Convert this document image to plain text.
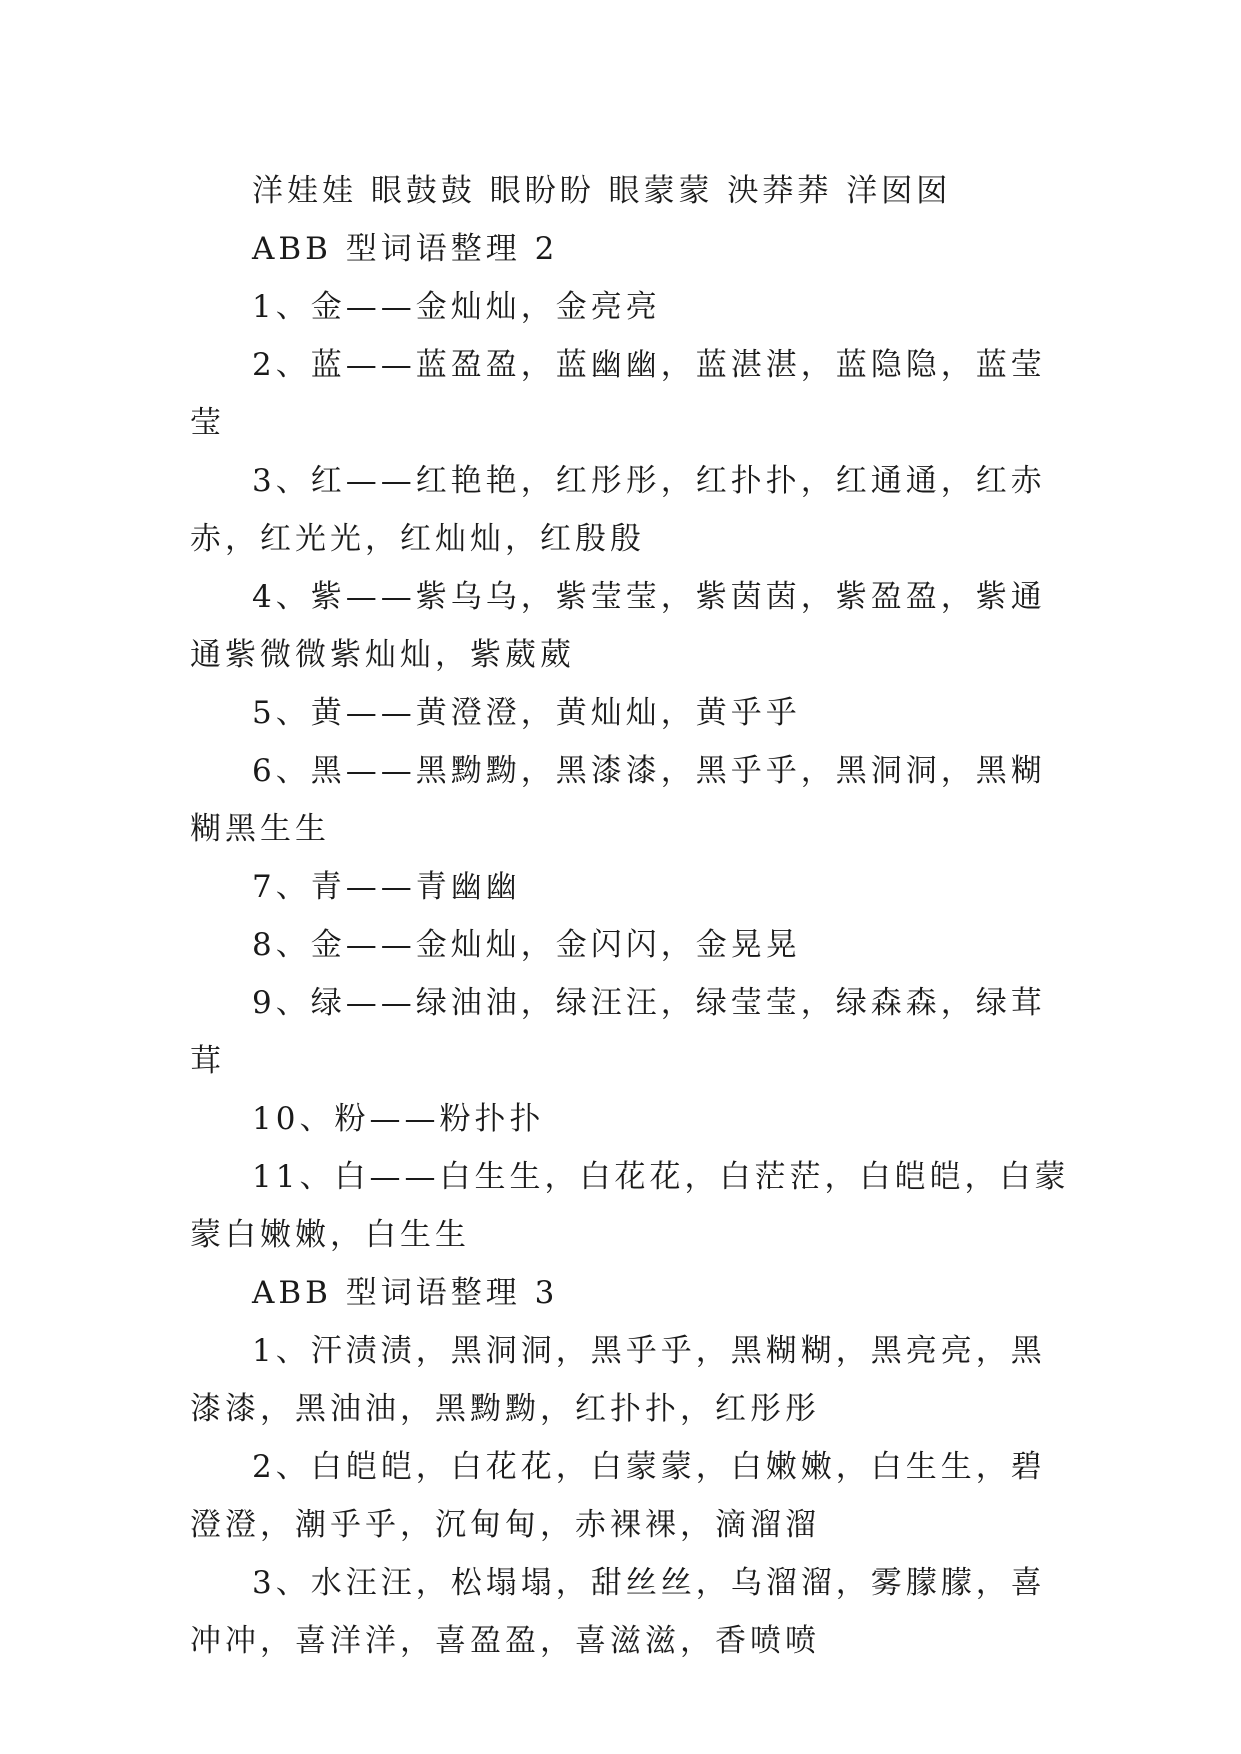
洋娃娃 眼鼓鼓 眼盼盼 眼蒙蒙 泱莽莽 洋囡囡

ABB 型词语整理 2

1、金——金灿灿，金亮亮

2、蓝——蓝盈盈，蓝幽幽，蓝湛湛，蓝隐隐，蓝莹莹

3、红——红艳艳，红彤彤，红扑扑，红通通，红赤赤，红光光，红灿灿，红殷殷

4、紫——紫乌乌，紫莹莹，紫茵茵，紫盈盈，紫通通紫微微紫灿灿，紫葳葳

5、黄——黄澄澄，黄灿灿，黄乎乎

6、黑——黑黝黝，黑漆漆，黑乎乎，黑洞洞，黑糊糊黑生生

7、青——青幽幽

8、金——金灿灿，金闪闪，金晃晃

9、绿——绿油油，绿汪汪，绿莹莹，绿森森，绿茸茸

10、粉——粉扑扑

11、白——白生生，白花花，白茫茫，白皑皑，白蒙蒙白嫩嫩，白生生

ABB 型词语整理 3

1、汗渍渍，黑洞洞，黑乎乎，黑糊糊，黑亮亮，黑漆漆，黑油油，黑黝黝，红扑扑，红彤彤

2、白皑皑，白花花，白蒙蒙，白嫩嫩，白生生，碧澄澄，潮乎乎，沉甸甸，赤裸裸，滴溜溜

3、水汪汪，松塌塌，甜丝丝，乌溜溜，雾朦朦，喜冲冲，喜洋洋，喜盈盈，喜滋滋，香喷喷
